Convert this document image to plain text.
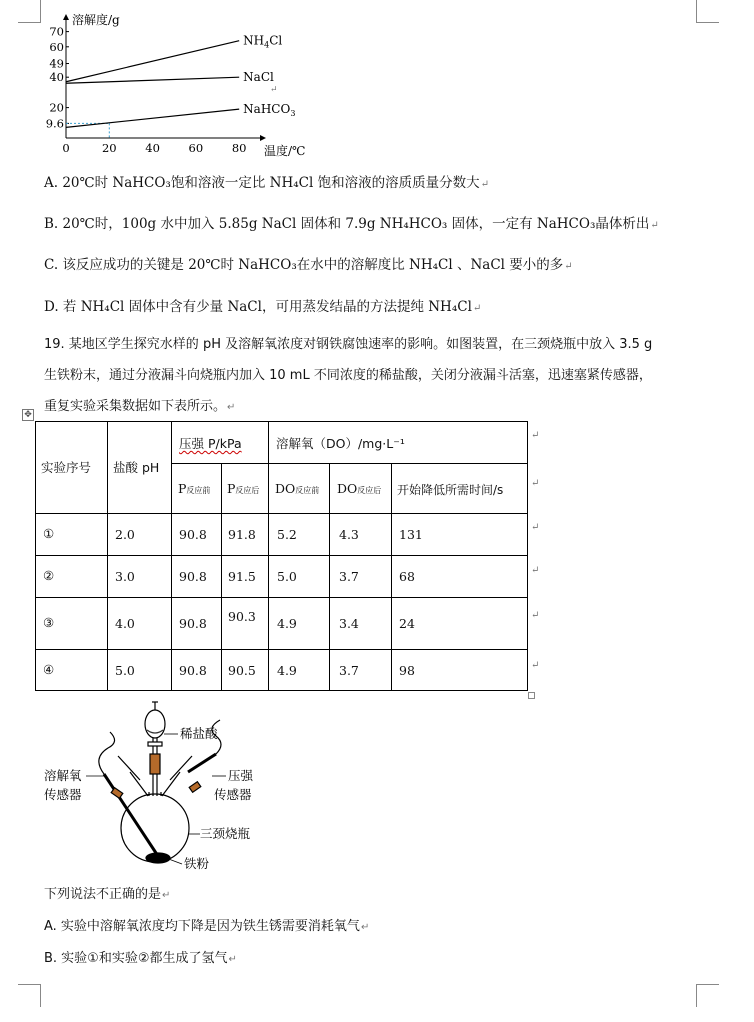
溶解度/g
温度/℃
0	20 40 60 80
70
60
49
40
20
9.6
$NH_4Cl$
NaCl
NaHCO$_3$
↵
A. 20℃时 NaHCO₃饱和溶液一定比 NH₄Cl 饱和溶液的溶质质量分数大↵
B. 20℃时，100g 水中加入 5.85g NaCl 固体和 7.9g NH₄HCO₃ 固体，一定有 NaHCO₃晶体析出↵
C. 该反应成功的关键是 20℃时 NaHCO₃在水中的溶解度比 NH₄Cl 、NaCl 要小的多↵
D. 若 NH₄Cl 固体中含有少量 NaCl，可用蒸发结晶的方法提纯 NH₄Cl↵
19. 某地区学生探究水样的 pH 及溶解氧浓度对钢铁腐蚀速率的影响。如图装置，在三颈烧瓶中放入 3.5 g
生铁粉末，通过分液漏斗向烧瓶内加入 10 mL 不同浓度的稀盐酸，关闭分液漏斗活塞，迅速塞紧传感器，
重复实验采集数据如下表所示。↵
✥
实验序号 盐酸 pH
压强 P/kPa	溶解氧（DO）/mg·L⁻¹
P反应前 P反应后 DO反应前 DO反应后 开始降低所需时间/s
①	2.0	90.8 91.8 5.2	4.3	131
②	3.0	90.8 91.5 5.0	3.7	68
③	4.0	90.8 90.3 4.9	3.4	24
④	5.0	90.8 90.5 4.9	3.7	98
↵
↵
↵
↵
↵
↵
稀盐酸
溶解氧
传感器
压强
传感器
三颈烧瓶
铁粉
下列说法不正确的是↵
A. 实验中溶解氧浓度均下降是因为铁生锈需要消耗氧气↵
B. 实验①和实验②都生成了氢气↵
